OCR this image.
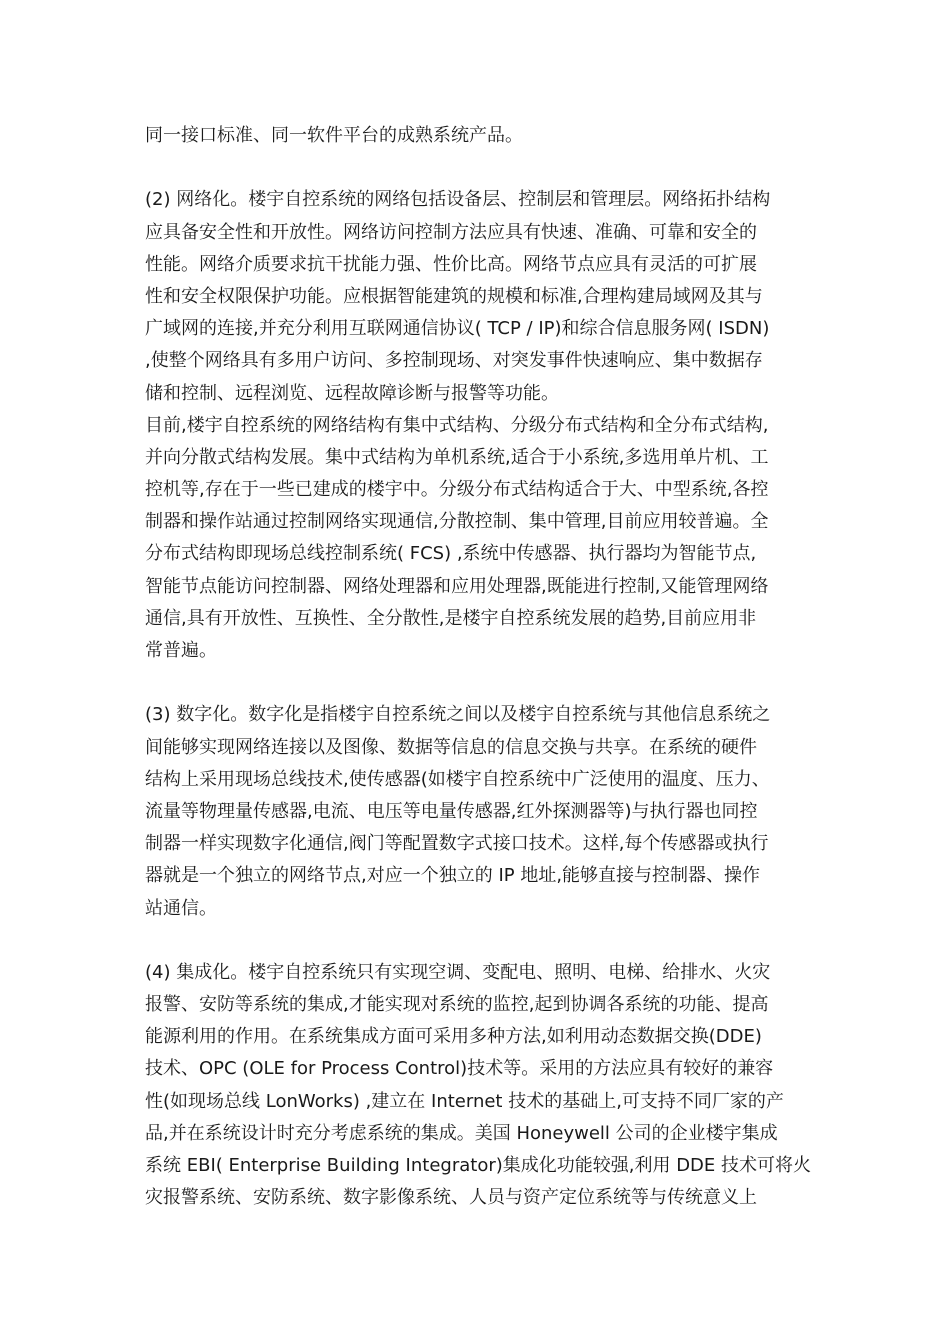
同一接口标准、同一软件平台的成熟系统产品。
(2) 网络化。楼宇自控系统的网络包括设备层、控制层和管理层。网络拓扑结构
应具备安全性和开放性。网络访问控制方法应具有快速、准确、可靠和安全的
性能。网络介质要求抗干扰能力强、性价比高。网络节点应具有灵活的可扩展
性和安全权限保护功能。应根据智能建筑的规模和标准,合理构建局域网及其与
广域网的连接,并充分利用互联网通信协议( TCP / IP)和综合信息服务网( ISDN)
,使整个网络具有多用户访问、多控制现场、对突发事件快速响应、集中数据存
储和控制、远程浏览、远程故障诊断与报警等功能。
目前,楼宇自控系统的网络结构有集中式结构、分级分布式结构和全分布式结构,
并向分散式结构发展。集中式结构为单机系统,适合于小系统,多选用单片机、工
控机等,存在于一些已建成的楼宇中。分级分布式结构适合于大、中型系统,各控
制器和操作站通过控制网络实现通信,分散控制、集中管理,目前应用较普遍。全
分布式结构即现场总线控制系统( FCS) ,系统中传感器、执行器均为智能节点,
智能节点能访问控制器、网络处理器和应用处理器,既能进行控制,又能管理网络
通信,具有开放性、互换性、全分散性,是楼宇自控系统发展的趋势,目前应用非
常普遍。
(3) 数字化。数字化是指楼宇自控系统之间以及楼宇自控系统与其他信息系统之
间能够实现网络连接以及图像、数据等信息的信息交换与共享。在系统的硬件
结构上采用现场总线技术,使传感器(如楼宇自控系统中广泛使用的温度、压力、
流量等物理量传感器,电流、电压等电量传感器,红外探测器等)与执行器也同控
制器一样实现数字化通信,阀门等配置数字式接口技术。这样,每个传感器或执行
器就是一个独立的网络节点,对应一个独立的 IP 地址,能够直接与控制器、操作
站通信。
(4) 集成化。楼宇自控系统只有实现空调、变配电、照明、电梯、给排水、火灾
报警、安防等系统的集成,才能实现对系统的监控,起到协调各系统的功能、提高
能源利用的作用。在系统集成方面可采用多种方法,如利用动态数据交换(DDE)
技术、OPC (OLE for Process Control)技术等。采用的方法应具有较好的兼容
性(如现场总线 LonWorks) ,建立在 Internet 技术的基础上,可支持不同厂家的产
品,并在系统设计时充分考虑系统的集成。美国 Honeywell 公司的企业楼宇集成
系统 EBI( Enterprise Building Integrator)集成化功能较强,利用 DDE 技术可将火
灾报警系统、安防系统、数字影像系统、人员与资产定位系统等与传统意义上
